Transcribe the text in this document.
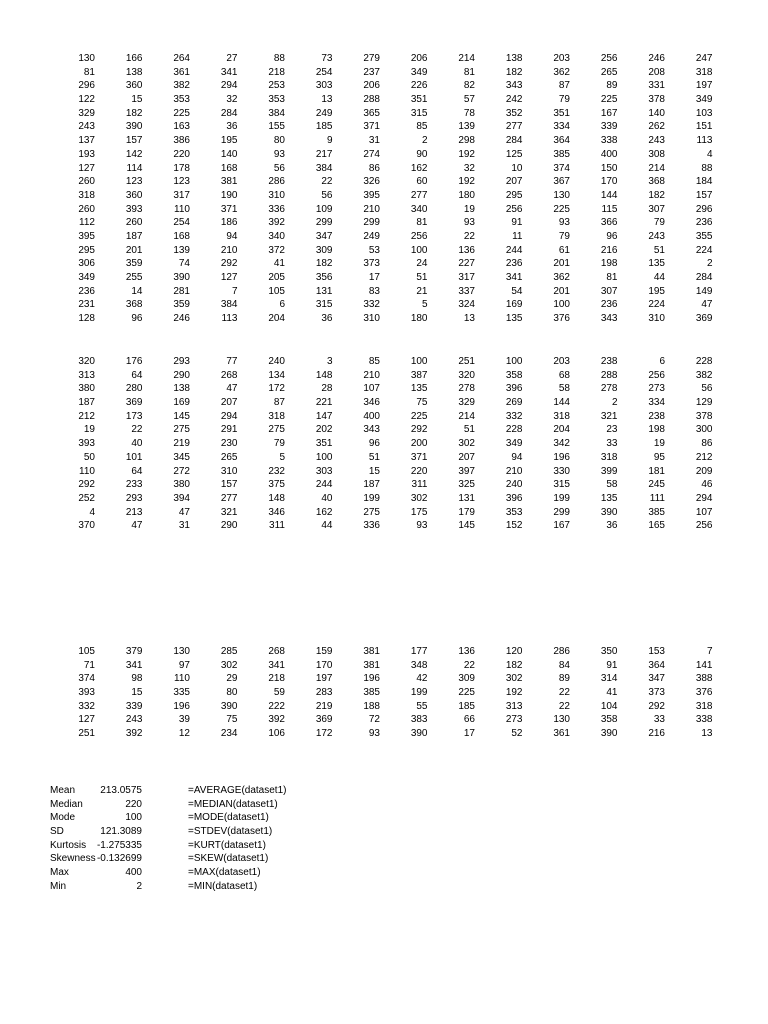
130	166	264	27	88	73	279	206	214	138	203	256	246	247
81	138	361	341	218	254	237	349	81	182	362	265	208	318
296	360	382	294	253	303	206	226	82	343	87	89	331	197
122	15	353	32	353	13	288	351	57	242	79	225	378	349
329	182	225	284	384	249	365	315	78	352	351	167	140	103
243	390	163	36	155	185	371	85	139	277	334	339	262	151
137	157	386	195	80	9	31	2	298	284	364	338	243	113
193	142	220	140	93	217	274	90	192	125	385	400	308	4
127	114	178	168	56	384	86	162	32	10	374	150	214	88
260	123	123	381	286	22	326	60	192	207	367	170	368	184
318	360	317	190	310	56	395	277	180	295	130	144	182	157
260	393	110	371	336	109	210	340	19	256	225	115	307	296
112	260	254	186	392	299	299	81	93	91	93	366	79	236
395	187	168	94	340	347	249	256	22	11	79	96	243	355
295	201	139	210	372	309	53	100	136	244	61	216	51	224
306	359	74	292	41	182	373	24	227	236	201	198	135	2
349	255	390	127	205	356	17	51	317	341	362	81	44	284
236	14	281	7	105	131	83	21	337	54	201	307	195	149
231	368	359	384	6	315	332	5	324	169	100	236	224	47
128	96	246	113	204	36	310	180	13	135	376	343	310	369
320	176	293	77	240	3	85	100	251	100	203	238	6	228
313	64	290	268	134	148	210	387	320	358	68	288	256	382
380	280	138	47	172	28	107	135	278	396	58	278	273	56
187	369	169	207	87	221	346	75	329	269	144	2	334	129
212	173	145	294	318	147	400	225	214	332	318	321	238	378
19	22	275	291	275	202	343	292	51	228	204	23	198	300
393	40	219	230	79	351	96	200	302	349	342	33	19	86
50	101	345	265	5	100	51	371	207	94	196	318	95	212
110	64	272	310	232	303	15	220	397	210	330	399	181	209
292	233	380	157	375	244	187	311	325	240	315	58	245	46
252	293	394	277	148	40	199	302	131	396	199	135	111	294
4	213	47	321	346	162	275	175	179	353	299	390	385	107
370	47	31	290	311	44	336	93	145	152	167	36	165	256
105	379	130	285	268	159	381	177	136	120	286	350	153	7
71	341	97	302	341	170	381	348	22	182	84	91	364	141
374	98	110	29	218	197	196	42	309	302	89	314	347	388
393	15	335	80	59	283	385	199	225	192	22	41	373	376
332	339	196	390	222	219	188	55	185	313	22	104	292	318
127	243	39	75	392	369	72	383	66	273	130	358	33	338
251	392	12	234	106	172	93	390	17	52	361	390	216	13
Mean	213.0575	=AVERAGE(dataset1)
Median	220	=MEDIAN(dataset1)
Mode	100	=MODE(dataset1)
SD	121.3089	=STDEV(dataset1)
Kurtosis -1.275335	=KURT(dataset1)
Skewness-0.132699	=SKEW(dataset1)
Max	400	=MAX(dataset1)
Min	2	=MIN(dataset1)
